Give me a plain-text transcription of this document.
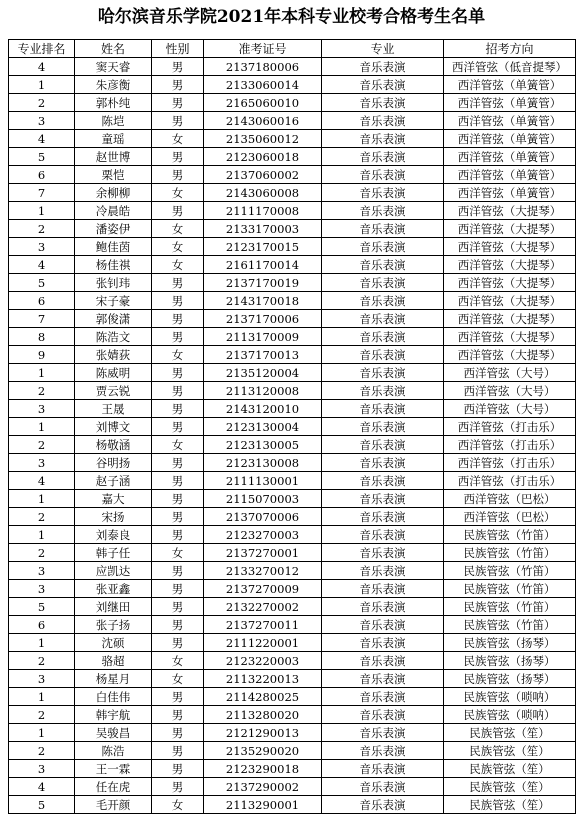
哈尔滨音乐学院2021年本科专业校考合格考生名单
专业排名	姓名	性别	准考证号	专业	招考方向
4	窦天睿	男	2137180006	音乐表演	西洋管弦（低音提琴）
1	朱彦衡	男	2133060014	音乐表演	西洋管弦（单簧管）
2	郭朴纯	男	2165060010	音乐表演	西洋管弦（单簧管）
3	陈垲	男	2143060016	音乐表演	西洋管弦（单簧管）
4	童瑶	女	2135060012	音乐表演	西洋管弦（单簧管）
5	赵世博	男	2123060018	音乐表演	西洋管弦（单簧管）
6	栗恺	男	2137060002	音乐表演	西洋管弦（单簧管）
7	余柳柳	女	2143060008	音乐表演	西洋管弦（单簧管）
1	冷晨皓	男	2111170008	音乐表演	西洋管弦（大提琴）
2	潘姿伊	女	2133170003	音乐表演	西洋管弦（大提琴）
3	鲍佳茵	女	2123170015	音乐表演	西洋管弦（大提琴）
4	杨佳祺	女	2161170014	音乐表演	西洋管弦（大提琴）
5	张钊玮	男	2137170019	音乐表演	西洋管弦（大提琴）
6	宋子豪	男	2143170018	音乐表演	西洋管弦（大提琴）
7	郭俊潇	男	2137170006	音乐表演	西洋管弦（大提琴）
8	陈浩文	男	2113170009	音乐表演	西洋管弦（大提琴）
9	张婧荻	女	2137170013	音乐表演	西洋管弦（大提琴）
1	陈威明	男	2135120004	音乐表演	西洋管弦（大号）
2	贾云锐	男	2113120008	音乐表演	西洋管弦（大号）
3	王晟	男	2143120010	音乐表演	西洋管弦（大号）
1	刘博文	男	2123130004	音乐表演	西洋管弦（打击乐）
2	杨敬涵	女	2123130005	音乐表演	西洋管弦（打击乐）
3	谷明扬	男	2123130008	音乐表演	西洋管弦（打击乐）
4	赵子涵	男	2111130001	音乐表演	西洋管弦（打击乐）
1	嘉大	男	2115070003	音乐表演	西洋管弦（巴松）
2	宋扬	男	2137070006	音乐表演	西洋管弦（巴松）
1	刘泰良	男	2123270003	音乐表演	民族管弦（竹笛）
2	韩子任	女	2137270001	音乐表演	民族管弦（竹笛）
3	应凯达	男	2133270012	音乐表演	民族管弦（竹笛）
3	张亚鑫	男	2137270009	音乐表演	民族管弦（竹笛）
5	刘继田	男	2132270002	音乐表演	民族管弦（竹笛）
6	张子扬	男	2137270011	音乐表演	民族管弦（竹笛）
1	沈硕	男	2111220001	音乐表演	民族管弦（扬琴）
2	骆超	女	2123220003	音乐表演	民族管弦（扬琴）
3	杨星月	女	2113220013	音乐表演	民族管弦（扬琴）
1	白佳伟	男	2114280025	音乐表演	民族管弦（唢呐）
2	韩宇航	男	2113280020	音乐表演	民族管弦（唢呐）
1	吴骏昌	男	2121290013	音乐表演	民族管弦（笙）
2	陈浩	男	2135290020	音乐表演	民族管弦（笙）
3	王一霖	男	2123290018	音乐表演	民族管弦（笙）
4	任在虎	男	2137290002	音乐表演	民族管弦（笙）
5	毛开颜	女	2113290001	音乐表演	民族管弦（笙）
